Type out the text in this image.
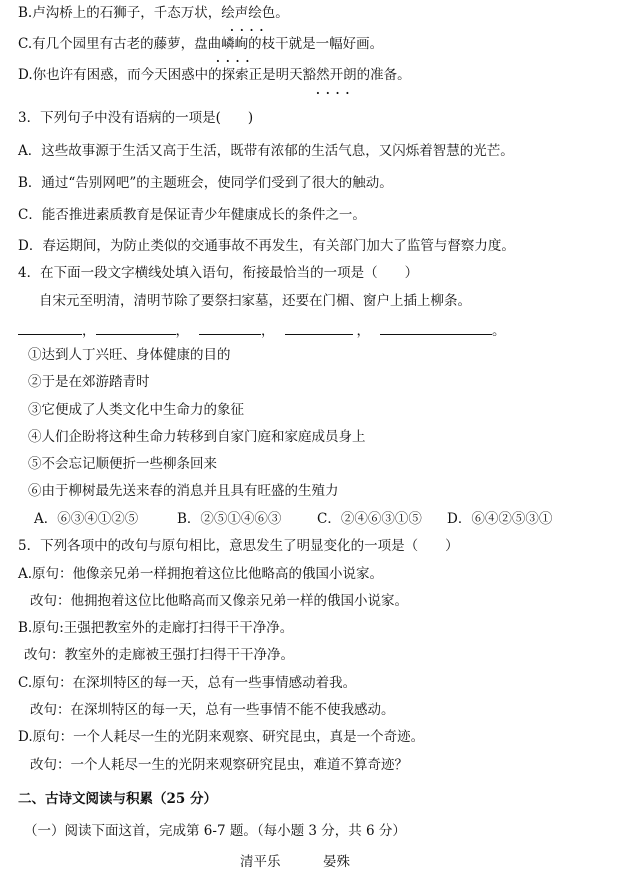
B.卢沟桥上的石狮子，千态万状，绘声绘色。
····
C.有几个园里有古老的藤萝，盘曲嶙峋的枝干就是一幅好画。
····
D.你也许有困惑，而今天困惑中的探索正是明天豁然开朗的准备。
····
3．下列句子中没有语病的一项是(　　)
A．这些故事源于生活又高于生活，既带有浓郁的生活气息，又闪烁着智慧的光芒。
B．通过“告别网吧”的主题班会，使同学们受到了很大的触动。
C．能否推进素质教育是保证青少年健康成长的条件之一。
D．春运期间，为防止类似的交通事故不再发生，有关部门加大了监管与督察力度。
4．在下面一段文字横线处填入语句，衔接最恰当的一项是（　　）
自宋元至明清，清明节除了要祭扫家墓，还要在门楣、窗户上插上柳条。
，	，	，	，	。
①达到人丁兴旺、身体健康的目的
②于是在郊游踏青时
③它便成了人类文化中生命力的象征
④人们企盼将这种生命力转移到自家门庭和家庭成员身上
⑤不会忘记顺便折一些柳条回来
⑥由于柳树最先送来春的消息并且具有旺盛的生殖力
A．⑥③④①②⑤	B．②⑤①④⑥③	C．②④⑥③①⑤ D．⑥④②⑤③①
5．下列各项中的改句与原句相比，意思发生了明显变化的一项是（　　）
A.原句：他像亲兄弟一样拥抱着这位比他略高的俄国小说家。
改句：他拥抱着这位比他略高而又像亲兄弟一样的俄国小说家。
B.原句:王强把教室外的走廊打扫得干干净净。
改句：教室外的走廊被王强打扫得干干净净。
C.原句：在深圳特区的每一天，总有一些事情感动着我。
改句：在深圳特区的每一天，总有一些事情不能不使我感动。
D.原句：一个人耗尽一生的光阴来观察、研究昆虫，真是一个奇迹。
改句：一个人耗尽一生的光阴来观察研究昆虫，难道不算奇迹？
二、古诗文阅读与积累（25 分）
（一）阅读下面这首，完成第 6-7 题。（每小题 3 分，共 6 分）
清平乐	晏殊
